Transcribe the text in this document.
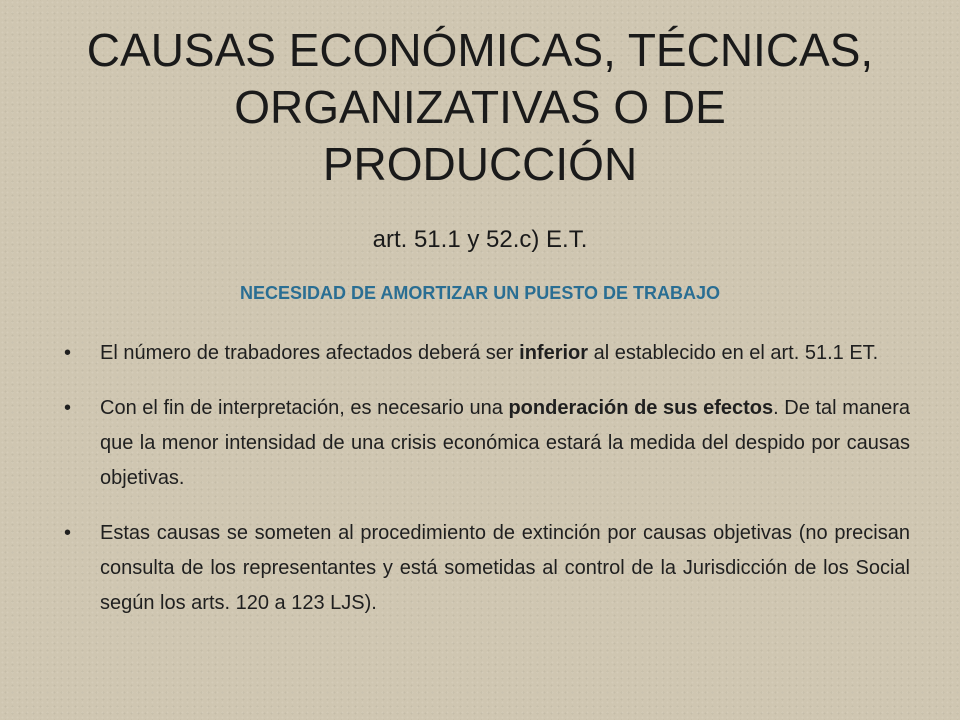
CAUSAS ECONÓMICAS, TÉCNICAS,
ORGANIZATIVAS O DE
PRODUCCIÓN
art. 51.1 y 52.c) E.T.
NECESIDAD DE AMORTIZAR UN PUESTO DE TRABAJO
• El número de trabadores afectados deberá ser inferior al establecido en el art. 51.1 ET.
• Con el fin de interpretación, es necesario una ponderación de sus efectos. De tal manera que la menor intensidad de una crisis económica estará la medida del despido por causas objetivas.
• Estas causas se someten al procedimiento de extinción por causas objetivas (no precisan consulta de los representantes y está sometidas al control de la Jurisdicción de los Social según los arts. 120 a 123 LJS).
